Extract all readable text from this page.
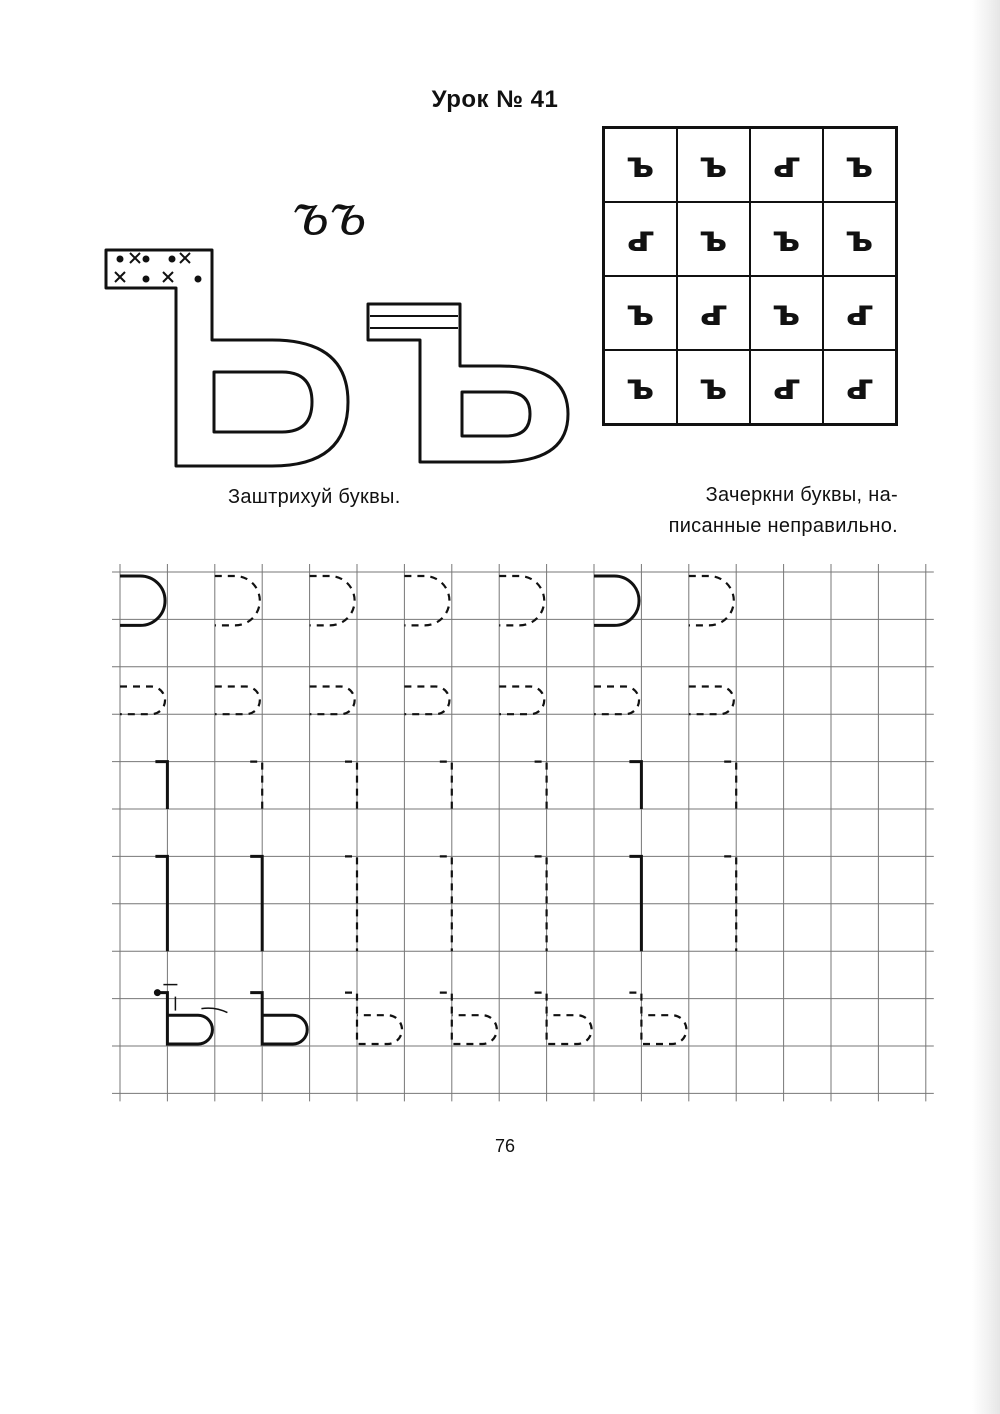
Урок № 41
ъъ
ъ	ъ	ъ	ъ
ъ	ъ	ъ	ъ
ъ	ъ	ъ	ъ
ъ	ъ	ъ	ъ
Заштрихуй буквы.	Зачеркни буквы, на-
писанные неправильно.
76
